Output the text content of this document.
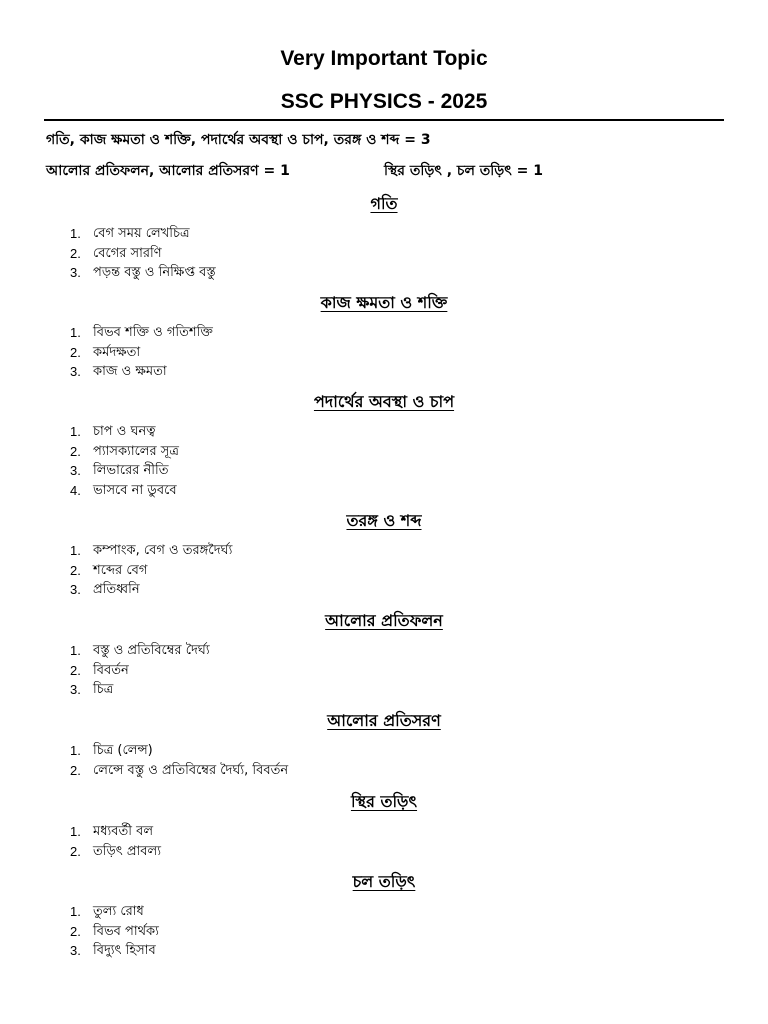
Very Important Topic
SSC PHYSICS - 2025
গতি, কাজ ক্ষমতা ও শক্তি, পদার্থের অবস্থা ও চাপ, তরঙ্গ ও শব্দ = 3
আলোর প্রতিফলন, আলোর প্রতিসরণ = 1	স্থির তড়িৎ , চল তড়িৎ = 1
গতি
1. বেগ সময় লেখচিত্র
2. বেগের সারণি
3. পড়ন্ত বস্তু ও নিক্ষিপ্ত বস্তু
কাজ ক্ষমতা ও শক্তি
1. বিভব শক্তি ও গতিশক্তি
2. কর্মদক্ষতা
3. কাজ ও ক্ষমতা
পদার্থের অবস্থা ও চাপ
1. চাপ ও ঘনত্ব
2. প্যাসক্যালের সূত্র
3. লিভারের নীতি
4. ভাসবে না ডুববে
তরঙ্গ ও শব্দ
1. কম্পাংক, বেগ ও তরঙ্গদৈর্ঘ্য
2. শব্দের বেগ
3. প্রতিধ্বনি
আলোর প্রতিফলন
1. বস্তু ও প্রতিবিম্বের দৈর্ঘ্য
2. বিবর্তন
3. চিত্র
আলোর প্রতিসরণ
1. চিত্র (লেন্স)
2. লেন্সে বস্তু ও প্রতিবিম্বের দৈর্ঘ্য, বিবর্তন
স্থির তড়িৎ
1. মধ্যবর্তী বল
2. তড়িৎ প্রাবল্য
চল তড়িৎ
1. তুল্য রোধ
2. বিভব পার্থক্য
3. বিদ্যুৎ হিসাব
